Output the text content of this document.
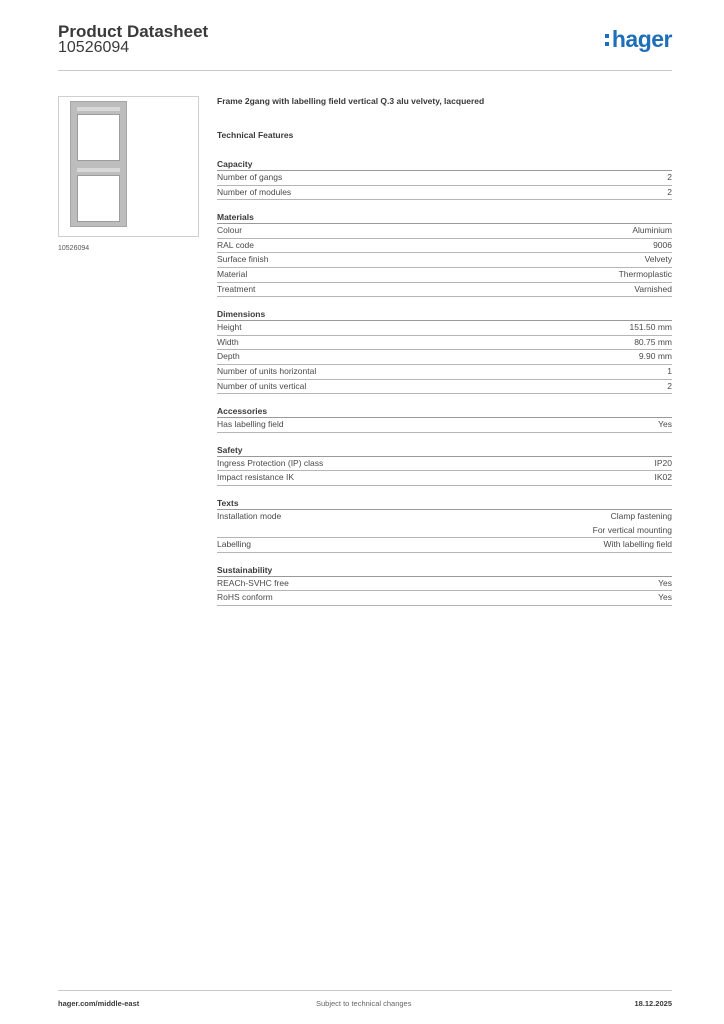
Product Datasheet
10526094	hager
10526094
Frame 2gang with labelling field vertical Q.3 alu velvety, lacquered
Technical Features
Capacity
Number of gangs	2
Number of modules	2
Materials
Colour	Aluminium
RAL code	9006
Surface finish	Velvety
Material	Thermoplastic
Treatment	Varnished
Dimensions
Height	151.50 mm
Width	80.75 mm
Depth	9.90 mm
Number of units horizontal	1
Number of units vertical	2
Accessories
Has labelling field	Yes
Safety
Ingress Protection (IP) class	IP20
Impact resistance IK	IK02
Texts
Installation mode	Clamp fastening
For vertical mounting
Labelling	With labelling field
Sustainability
REACh-SVHC free	Yes
RoHS conform	Yes
hager.com/middle-east	Subject to technical changes	18.12.2025
